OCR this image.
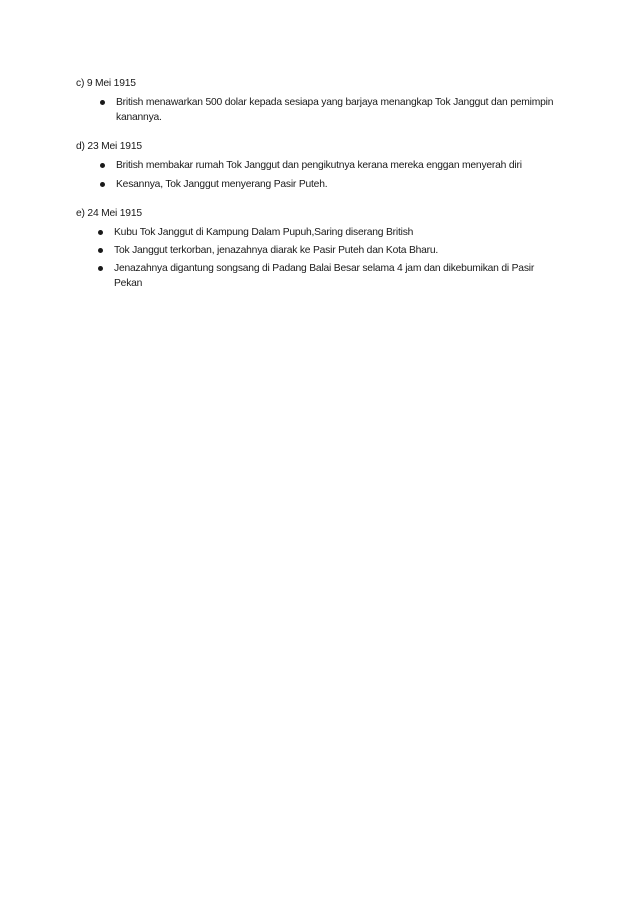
c) 9 Mei 1915
British menawarkan 500 dolar kepada sesiapa yang barjaya menangkap Tok Janggut dan pemimpin kanannya.
d) 23 Mei 1915
British membakar rumah Tok Janggut dan pengikutnya kerana mereka enggan menyerah diri
Kesannya, Tok Janggut menyerang Pasir Puteh.
e) 24 Mei 1915
Kubu Tok Janggut di Kampung Dalam Pupuh,Saring diserang British
Tok Janggut terkorban, jenazahnya diarak ke Pasir Puteh dan Kota Bharu.
Jenazahnya digantung songsang di Padang Balai Besar selama 4 jam dan dikebumikan di Pasir Pekan
